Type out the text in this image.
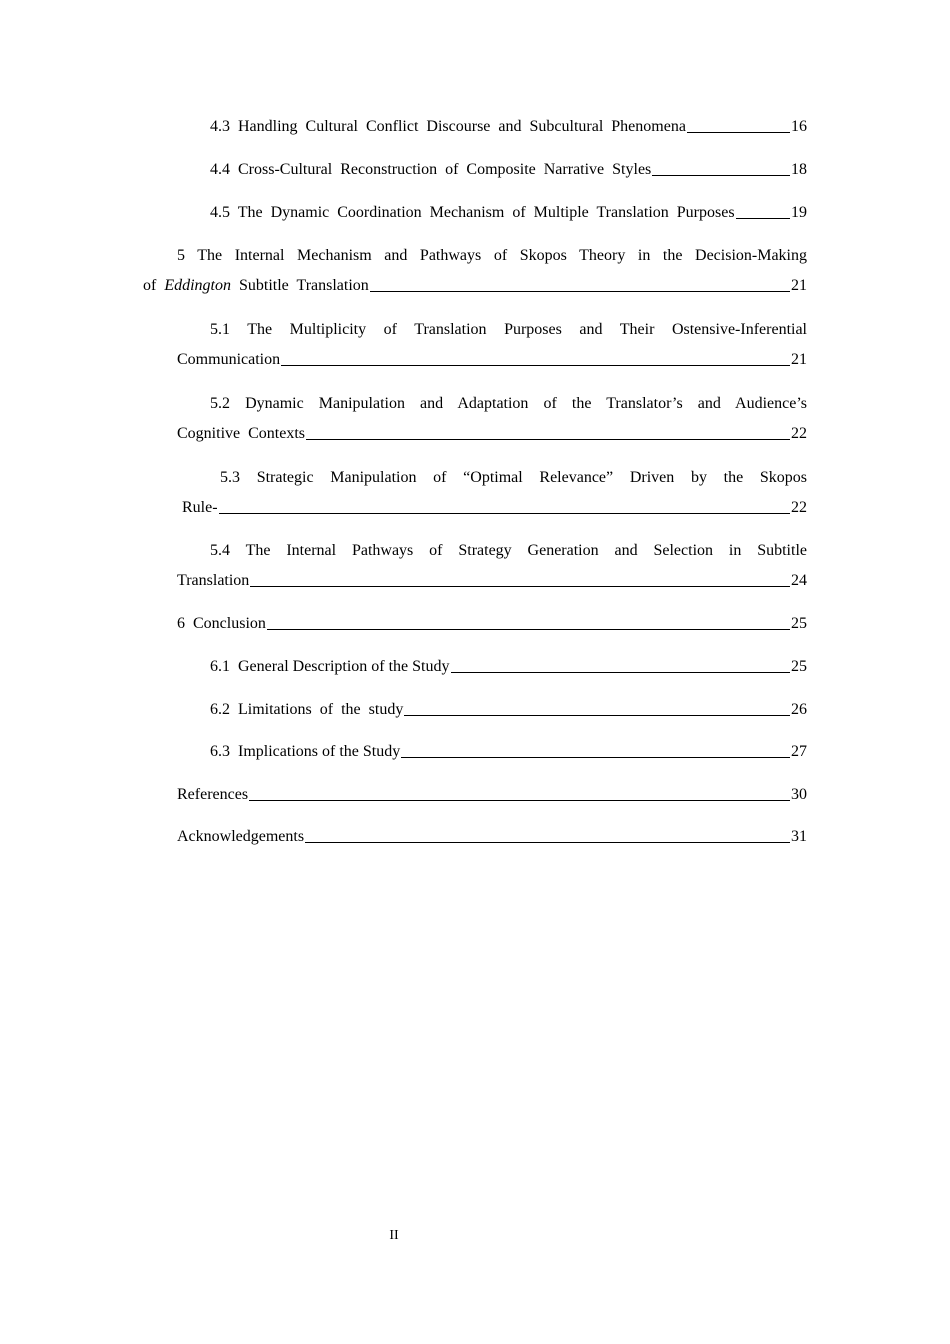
4.3  Handling  Cultural  Conflict  Discourse  and  Subcultural  Phenomena	16
4.4  Cross-Cultural  Reconstruction  of  Composite  Narrative  Styles	18
4.5  The  Dynamic  Coordination  Mechanism  of  Multiple  Translation  Purposes	19
5 The Internal Mechanism and Pathways of Skopos Theory in the Decision-Making
of Eddington Subtitle  Translation	21
5.1 The Multiplicity of Translation Purposes and Their Ostensive-Inferential
Communication	21
5.2 Dynamic Manipulation and Adaptation of the Translator’s and Audience’s
Cognitive  Contexts	22
5.3 Strategic Manipulation of “Optimal Relevance” Driven by the Skopos
Rule-	22
5.4 The Internal Pathways of Strategy Generation and Selection in Subtitle
Translation	24
6  Conclusion	25
6.1  General Description of the Study	25
6.2  Limitations  of  the  study	26
6.3  Implications of the Study	27
References	30
Acknowledgements	31
II
